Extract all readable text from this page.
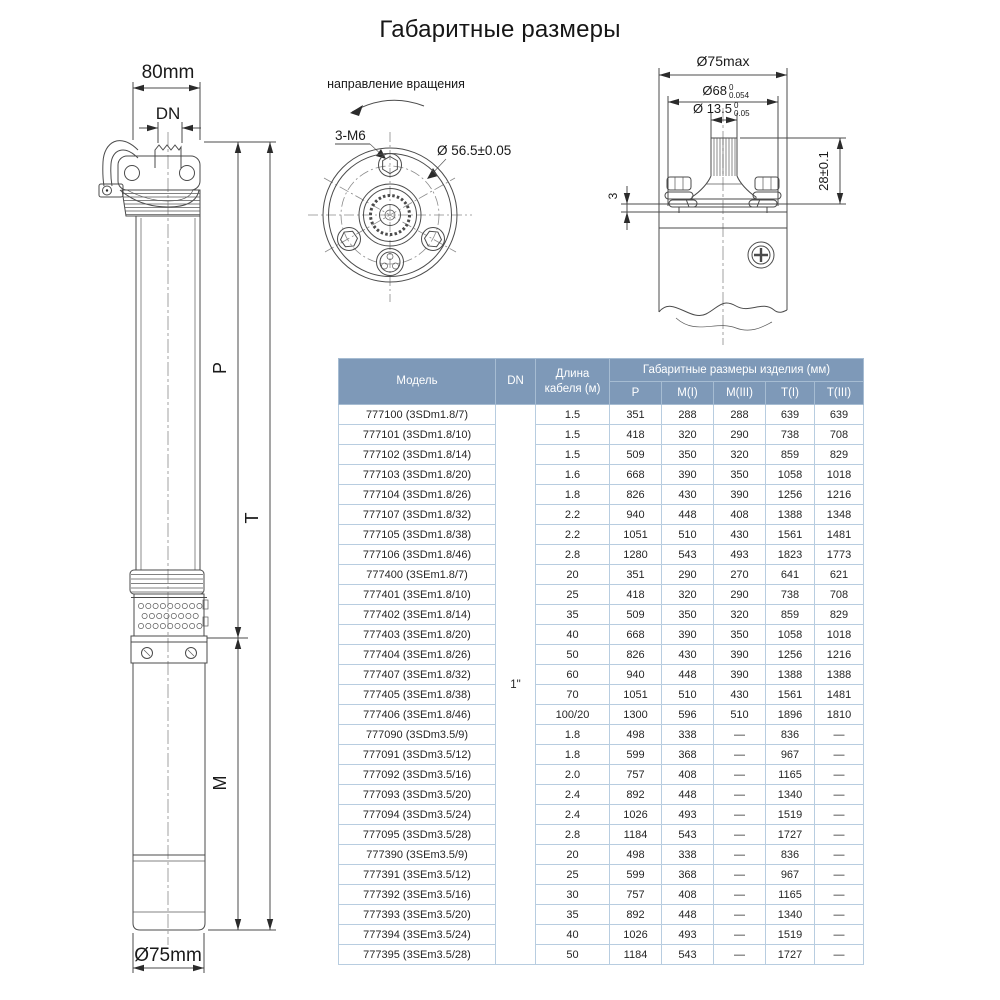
Габаритные размеры
80mm
DN
P
M
T
Ø75mm
направление вращения
3-M6
Ø 56.5±0.05
Ø75max
Ø68 0
0.054
Ø 13.5 0
0.05
3
28±0.1
Модель	DN	Длина кабеля (м)	Габаритные размеры изделия (мм)				
			P	M(I)	M(III)	T(I)	T(III)
777100 (3SDm1.8/7)	1"	1.5	351	288	288	639	639
777101 (3SDm1.8/10)		1.5	418	320	290	738	708
777102 (3SDm1.8/14)		1.5	509	350	320	859	829
777103 (3SDm1.8/20)		1.6	668	390	350	1058	1018
777104 (3SDm1.8/26)		1.8	826	430	390	1256	1216
777107 (3SDm1.8/32)		2.2	940	448	408	1388	1348
777105 (3SDm1.8/38)		2.2	1051	510	430	1561	1481
777106 (3SDm1.8/46)		2.8	1280	543	493	1823	1773
777400 (3SEm1.8/7)		20	351	290	270	641	621
777401 (3SEm1.8/10)		25	418	320	290	738	708
777402 (3SEm1.8/14)		35	509	350	320	859	829
777403 (3SEm1.8/20)		40	668	390	350	1058	1018
777404 (3SEm1.8/26)		50	826	430	390	1256	1216
777407 (3SEm1.8/32)		60	940	448	390	1388	1388
777405 (3SEm1.8/38)		70	1051	510	430	1561	1481
777406 (3SEm1.8/46)		100/20	1300	596	510	1896	1810
777090 (3SDm3.5/9)		1.8	498	338	—	836	—
777091 (3SDm3.5/12)		1.8	599	368	—	967	—
777092 (3SDm3.5/16)		2.0	757	408	—	1165	—
777093 (3SDm3.5/20)		2.4	892	448	—	1340	—
777094 (3SDm3.5/24)		2.4	1026	493	—	1519	—
777095 (3SDm3.5/28)		2.8	1184	543	—	1727	—
777390 (3SEm3.5/9)		20	498	338	—	836	—
777391 (3SEm3.5/12)		25	599	368	—	967	—
777392 (3SEm3.5/16)		30	757	408	—	1165	—
777393 (3SEm3.5/20)		35	892	448	—	1340	—
777394 (3SEm3.5/24)		40	1026	493	—	1519	—
777395 (3SEm3.5/28)		50	1184	543	—	1727	—
